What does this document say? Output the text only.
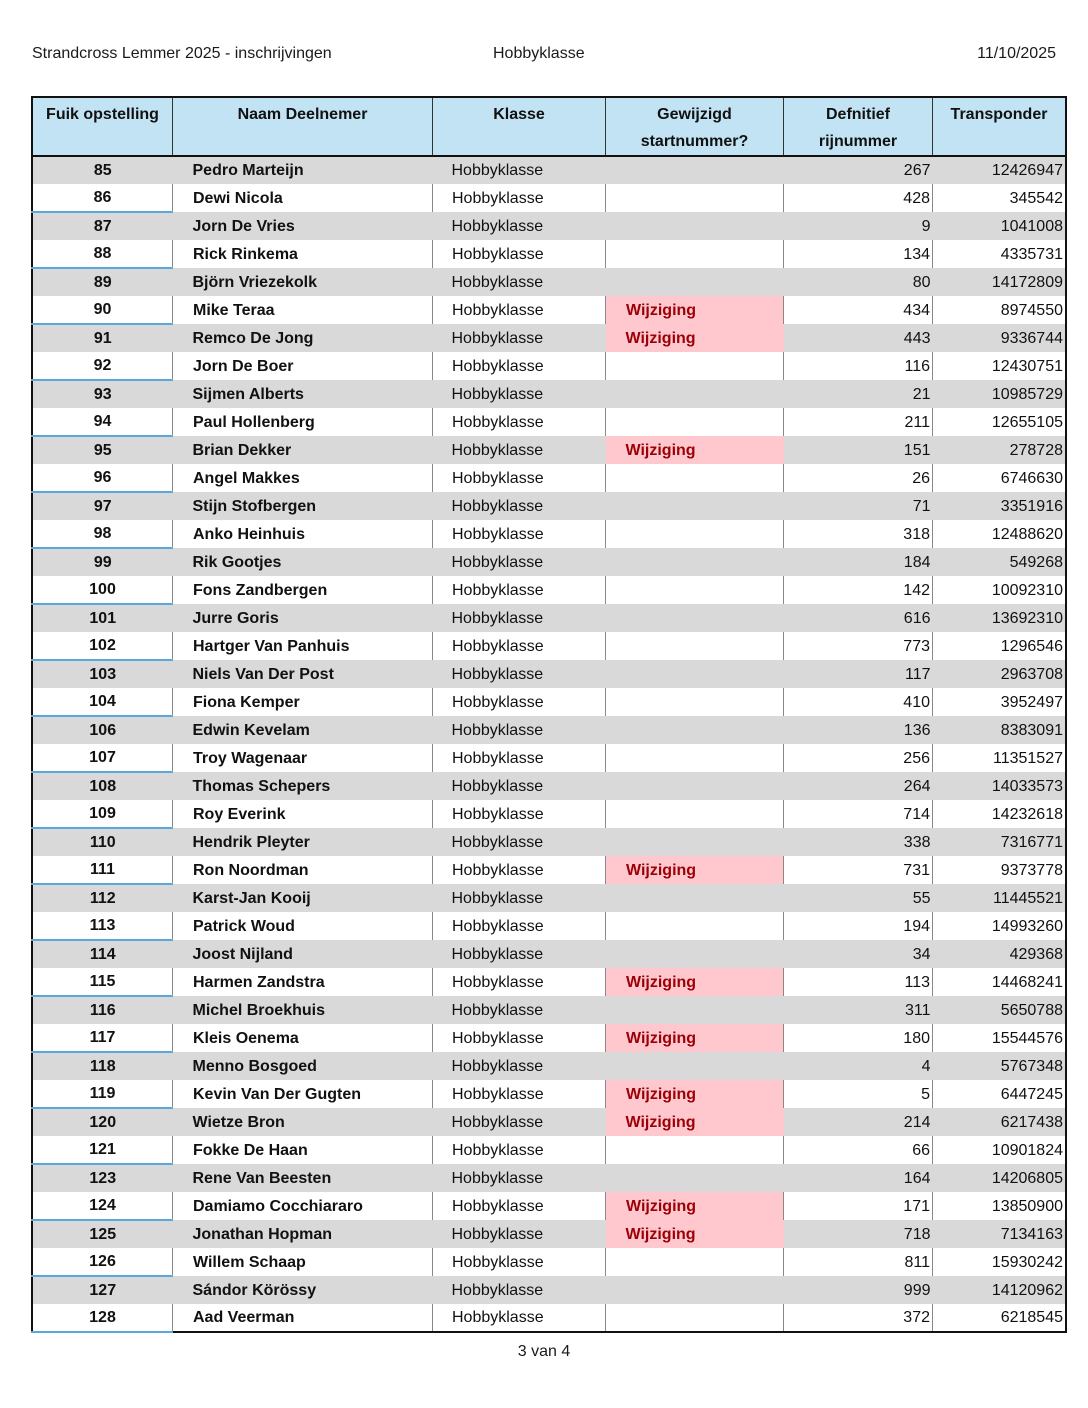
Strandcross Lemmer 2025 - inschrijvingen	Hobbyklasse	11/10/2025
Fuik opstelling	Naam Deelnemer	Klasse	Gewijzigd startnummer?	Defnitief rijnummer	Transponder
85	Pedro Marteijn	Hobbyklasse		267	12426947
86	Dewi Nicola	Hobbyklasse		428	345542
87	Jorn De Vries	Hobbyklasse		9	1041008
88	Rick Rinkema	Hobbyklasse		134	4335731
89	Björn Vriezekolk	Hobbyklasse		80	14172809
90	Mike Teraa	Hobbyklasse	Wijziging	434	8974550
91	Remco De Jong	Hobbyklasse	Wijziging	443	9336744
92	Jorn De Boer	Hobbyklasse		116	12430751
93	Sijmen Alberts	Hobbyklasse		21	10985729
94	Paul Hollenberg	Hobbyklasse		211	12655105
95	Brian Dekker	Hobbyklasse	Wijziging	151	278728
96	Angel Makkes	Hobbyklasse		26	6746630
97	Stijn Stofbergen	Hobbyklasse		71	3351916
98	Anko Heinhuis	Hobbyklasse		318	12488620
99	Rik Gootjes	Hobbyklasse		184	549268
100	Fons Zandbergen	Hobbyklasse		142	10092310
101	Jurre Goris	Hobbyklasse		616	13692310
102	Hartger Van Panhuis	Hobbyklasse		773	1296546
103	Niels Van Der Post	Hobbyklasse		117	2963708
104	Fiona Kemper	Hobbyklasse		410	3952497
106	Edwin Kevelam	Hobbyklasse		136	8383091
107	Troy Wagenaar	Hobbyklasse		256	11351527
108	Thomas Schepers	Hobbyklasse		264	14033573
109	Roy Everink	Hobbyklasse		714	14232618
110	Hendrik Pleyter	Hobbyklasse		338	7316771
111	Ron Noordman	Hobbyklasse	Wijziging	731	9373778
112	Karst-Jan Kooij	Hobbyklasse		55	11445521
113	Patrick Woud	Hobbyklasse		194	14993260
114	Joost Nijland	Hobbyklasse		34	429368
115	Harmen Zandstra	Hobbyklasse	Wijziging	113	14468241
116	Michel Broekhuis	Hobbyklasse		311	5650788
117	Kleis Oenema	Hobbyklasse	Wijziging	180	15544576
118	Menno Bosgoed	Hobbyklasse		4	5767348
119	Kevin Van Der Gugten	Hobbyklasse	Wijziging	5	6447245
120	Wietze Bron	Hobbyklasse	Wijziging	214	6217438
121	Fokke De Haan	Hobbyklasse		66	10901824
123	Rene Van Beesten	Hobbyklasse		164	14206805
124	Damiamo Cocchiararo	Hobbyklasse	Wijziging	171	13850900
125	Jonathan Hopman	Hobbyklasse	Wijziging	718	7134163
126	Willem Schaap	Hobbyklasse		811	15930242
127	Sándor Körössy	Hobbyklasse		999	14120962
128	Aad Veerman	Hobbyklasse		372	6218545
3 van 4
